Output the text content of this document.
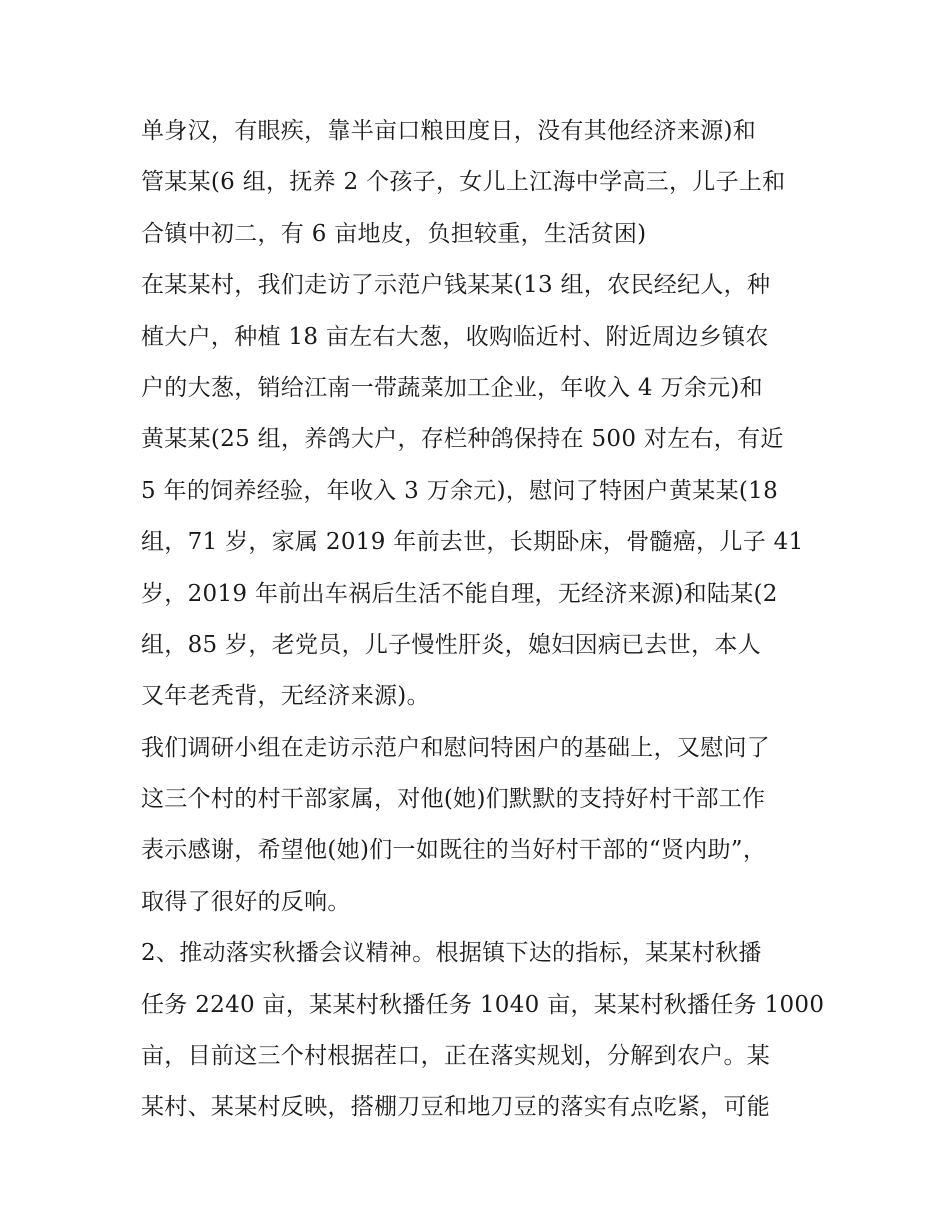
单身汉，有眼疾，靠半亩口粮田度日，没有其他经济来源)和
管某某(6 组，抚养 2 个孩子，女儿上江海中学高三，儿子上和
合镇中初二，有 6 亩地皮，负担较重，生活贫困)
在某某村，我们走访了示范户钱某某(13 组，农民经纪人，种
植大户，种植 18 亩左右大葱，收购临近村、附近周边乡镇农
户的大葱，销给江南一带蔬菜加工企业，年收入 4 万余元)和
黄某某(25 组，养鸽大户，存栏种鸽保持在 500 对左右，有近
5 年的饲养经验，年收入 3 万余元)，慰问了特困户黄某某(18
组，71 岁，家属 2019 年前去世，长期卧床，骨髓癌，儿子 41
岁，2019 年前出车祸后生活不能自理，无经济来源)和陆某(2
组，85 岁，老党员，儿子慢性肝炎，媳妇因病已去世，本人
又年老秃背，无经济来源)。
我们调研小组在走访示范户和慰问特困户的基础上，又慰问了
这三个村的村干部家属，对他(她)们默默的支持好村干部工作
表示感谢，希望他(她)们一如既往的当好村干部的“贤内助”，
取得了很好的反响。
2、推动落实秋播会议精神。根据镇下达的指标，某某村秋播
任务 2240 亩，某某村秋播任务 1040 亩，某某村秋播任务 1000
亩，目前这三个村根据茬口，正在落实规划，分解到农户。某
某村、某某村反映，搭棚刀豆和地刀豆的落实有点吃紧，可能
